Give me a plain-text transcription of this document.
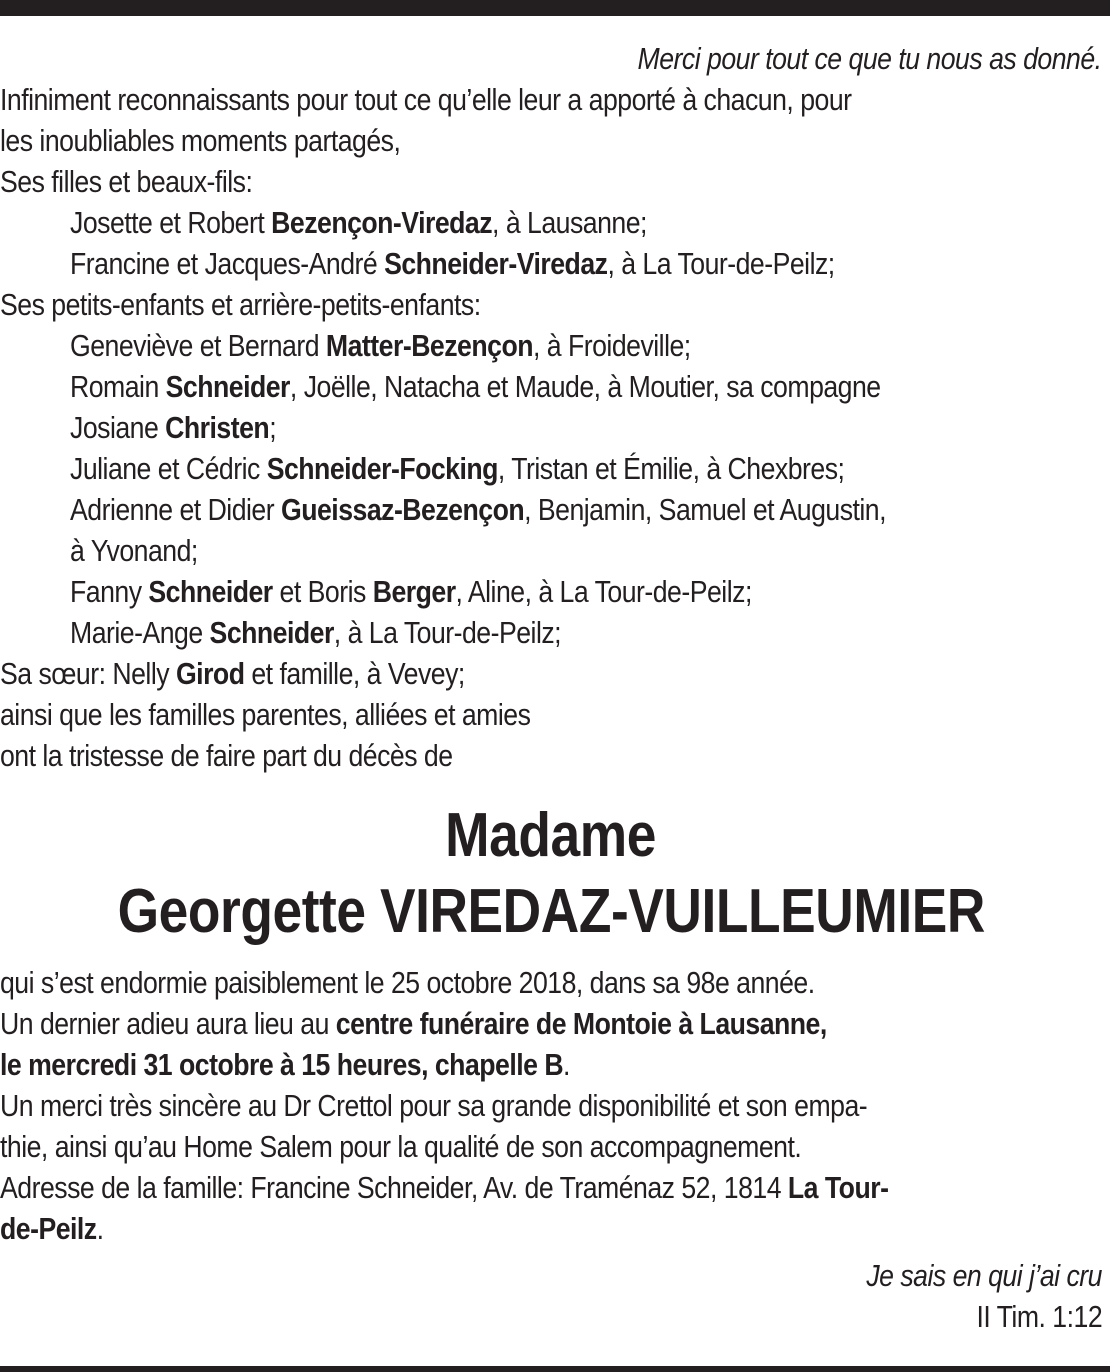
Merci pour tout ce que tu nous as donné.
Infiniment reconnaissants pour tout ce qu’elle leur a apporté à chacun, pour
les inoubliables moments partagés,
Ses filles et beaux-fils:
Josette et Robert Bezençon-Viredaz, à Lausanne;
Francine et Jacques-André Schneider-Viredaz, à La Tour-de-Peilz;
Ses petits-enfants et arrière-petits-enfants:
Geneviève et Bernard Matter-Bezençon, à Froideville;
Romain Schneider, Joëlle, Natacha et Maude, à Moutier, sa compagne
Josiane Christen;
Juliane et Cédric Schneider-Focking, Tristan et Émilie, à Chexbres;
Adrienne et Didier Gueissaz-Bezençon, Benjamin, Samuel et Augustin,
à Yvonand;
Fanny Schneider et Boris Berger, Aline, à La Tour-de-Peilz;
Marie-Ange Schneider, à La Tour-de-Peilz;
Sa sœur: Nelly Girod et famille, à Vevey;
ainsi que les familles parentes, alliées et amies
ont la tristesse de faire part du décès de
Madame
Georgette VIREDAZ-VUILLEUMIER
qui s’est endormie paisiblement le 25 octobre 2018, dans sa 98e année.
Un dernier adieu aura lieu au centre funéraire de Montoie à Lausanne,
le mercredi 31 octobre à 15 heures, chapelle B.
Un merci très sincère au Dr Crettol pour sa grande disponibilité et son empa-
thie, ainsi qu’au Home Salem pour la qualité de son accompagnement.
Adresse de la famille: Francine Schneider, Av. de Traménaz 52, 1814 La Tour-
de-Peilz.
Je sais en qui j’ai cru
II Tim. 1:12
